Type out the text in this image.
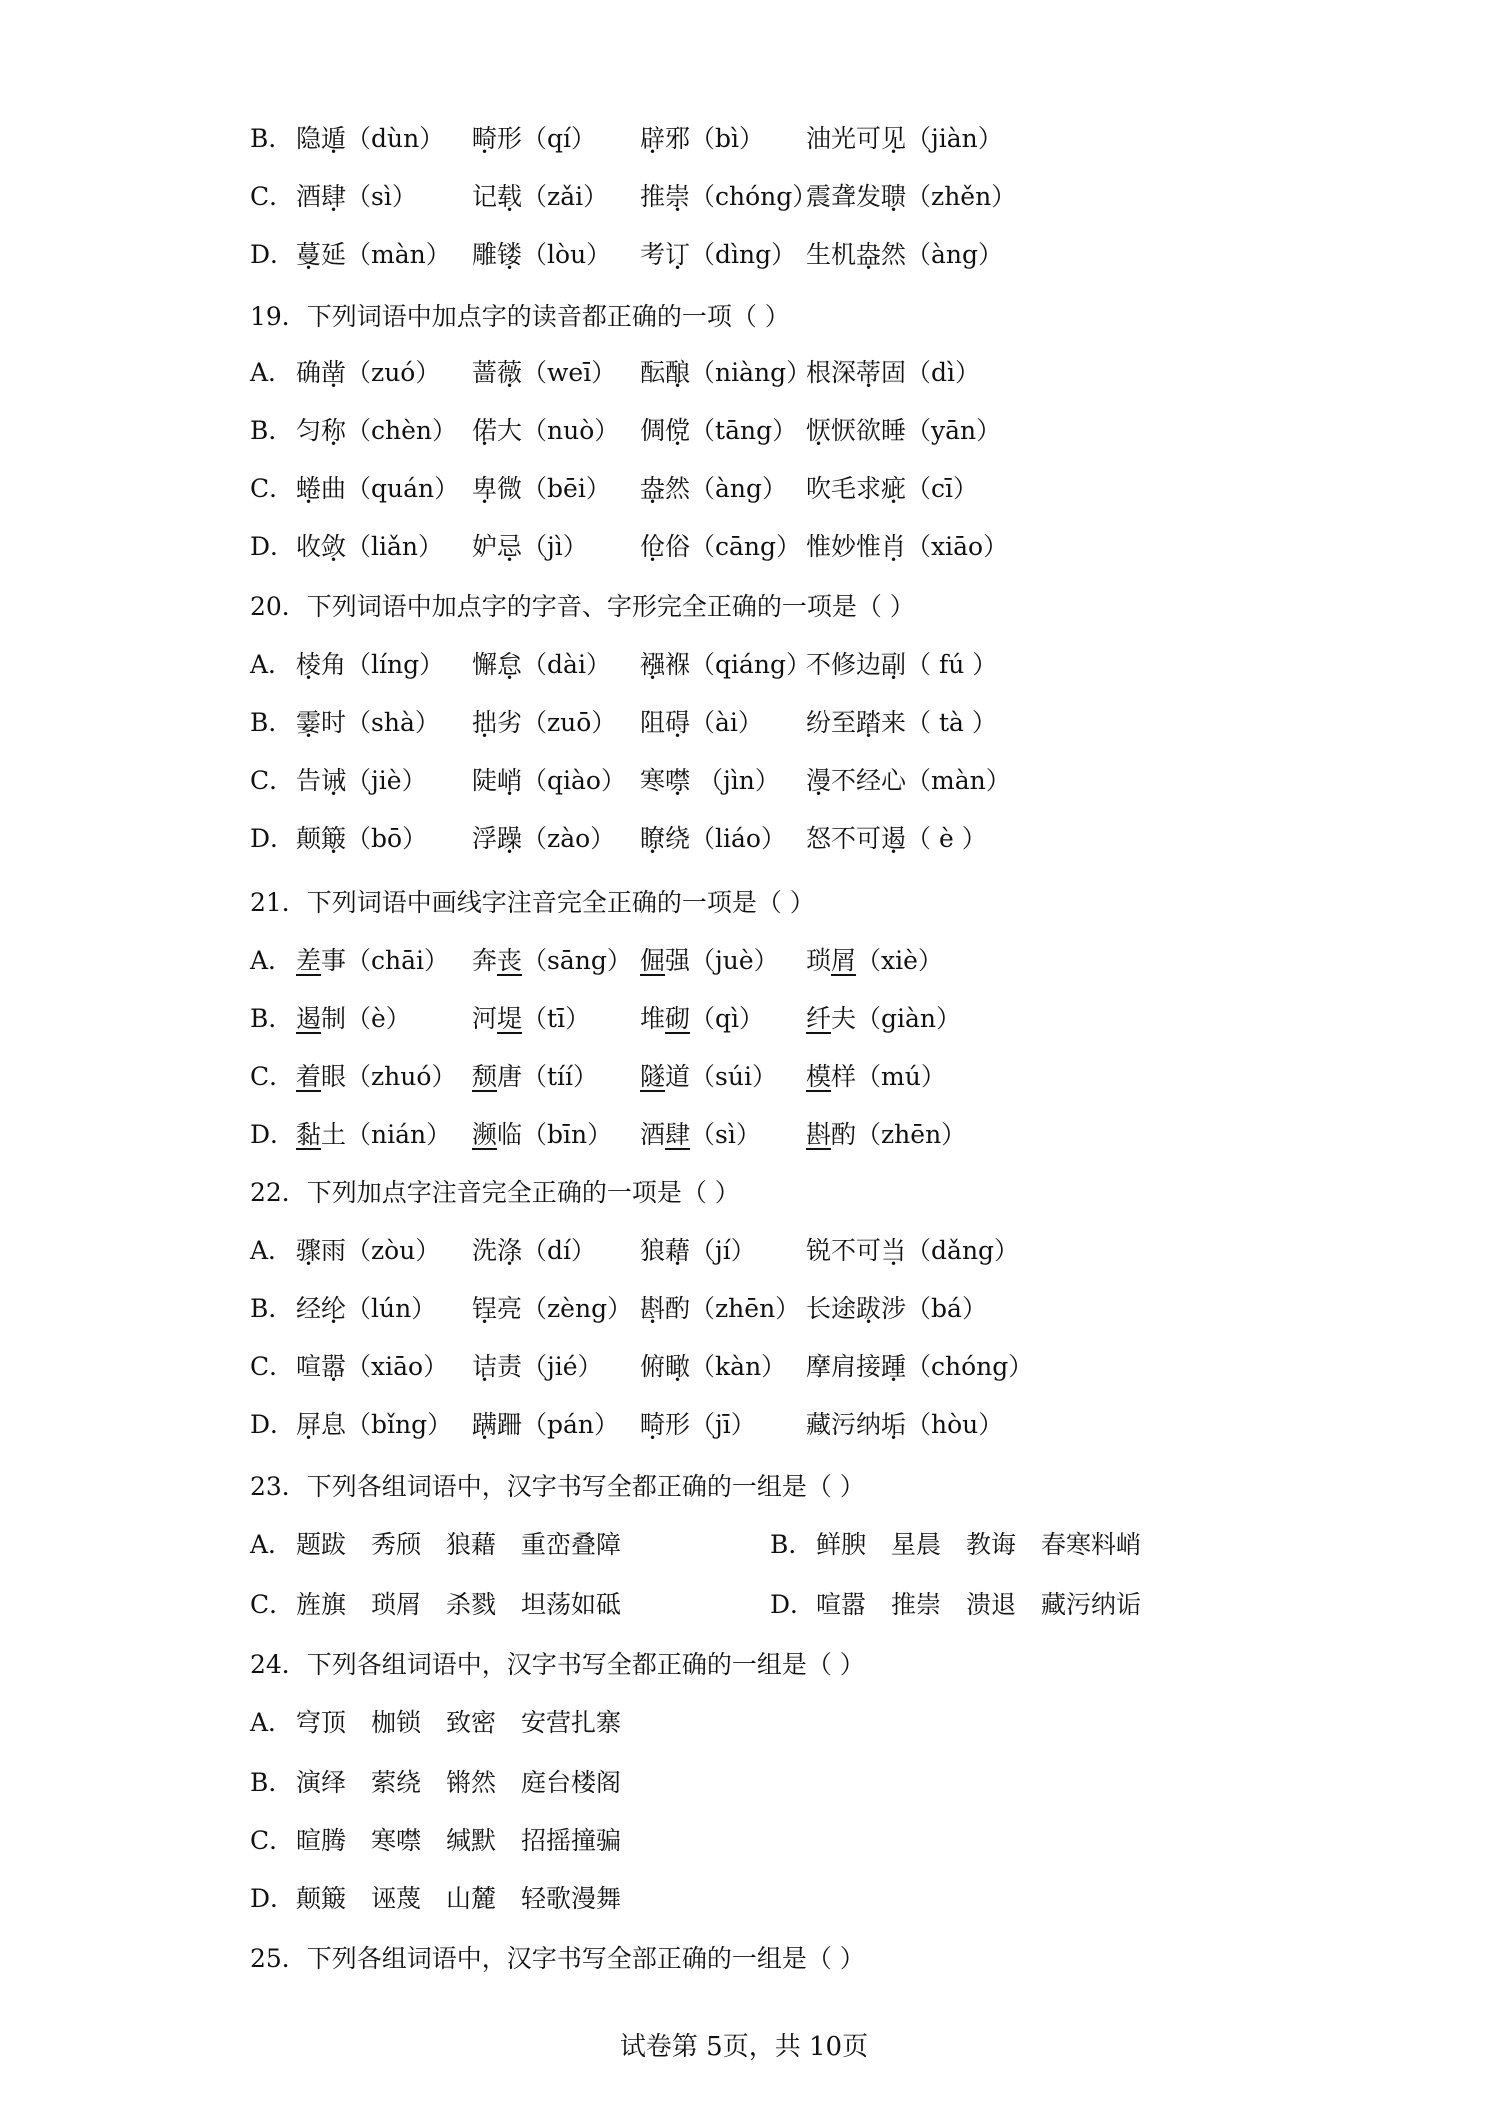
B． 隐遁（dùn） 畸形（qí） 辟邪（bì） 油光可见（jiàn）
C． 酒肆（sì） 记载（zǎi） 推崇（chóng）
震聋发聩（zhěn）
D． 蔓延（màn） 雕镂（lòu） 考订（dìng） 生机盎然（àng）
19．下列词语中加点字的读音都正确的一项（ ）
A． 确凿（zuó） 蔷薇（weī） 酝酿（niàng）
根深蒂固（dì）
B． 匀称（chèn） 偌大（nuò） 倜傥（tāng） 恹恹欲睡（yān）
C． 蜷曲（quán） 卑微（bēi） 盎然（àng） 吹毛求疵（cī）
D． 收敛（liǎn） 妒忌（jì） 伧俗（cāng） 惟妙惟肖（xiāo）
20．下列词语中加点字的字音、字形完全正确的一项是（ ）
A． 棱角（líng） 懈怠（dài） 襁褓（qiáng）
不修边副（ fú ）
B． 霎时（shà） 拙劣（zuō） 阻碍（ài） 纷至踏来（ tà ）
C． 告诫（jiè） 陡峭（qiào） 寒噤 （jìn） 漫不经心（màn）
D． 颠簸（bō） 浮躁（zào） 瞭绕（liáo） 怒不可遏（ è ）
21．下列词语中画线字注音完全正确的一项是（ ）
A． 差事（chāi） 奔丧（sāng） 倔强（juè） 琐屑（xiè）
B． 遏制（è） 河堤（tī） 堆砌（qì） 纤夫（giàn）
C． 着眼（zhuó） 颓唐（tíí） 隧道（súi） 模样（mú）
D． 黏土（nián） 濒临（bīn） 酒肆（sì） 斟酌（zhēn）
22．下列加点字注音完全正确的一项是（ ）
A． 骤雨（zòu） 洗涤（dí） 狼藉（jí） 锐不可当（dǎng）
B． 经纶（lún） 锃亮（zèng） 斟酌（zhēn） 长途跋涉（bá）
C． 喧嚣（xiāo） 诘责（jié） 俯瞰（kàn） 摩肩接踵（chóng）
D． 屏息（bǐng） 蹒跚（pán） 畸形（jī） 藏污纳垢（hòu）
23．下列各组词语中，汉字书写全都正确的一组是（ ）
A． 题跋　秀颀　狼藉　重峦叠障	B． 鲜腴　星晨　教诲　春寒料峭
C．旌旗　琐屑　杀戮　坦荡如砥	D．喧嚣　推崇　溃退　藏污纳诟
24．下列各组词语中，汉字书写全都正确的一组是（ ）
A． 穹顶　枷锁　致密　安营扎寨
B． 演绎　萦绕　锵然　庭台楼阁
C．暄腾　寒噤　缄默　招摇撞骗
D．颠簸　诬蔑　山麓　轻歌漫舞
25．下列各组词语中，汉字书写全部正确的一组是（ ）
试卷第 5页，共 10页
